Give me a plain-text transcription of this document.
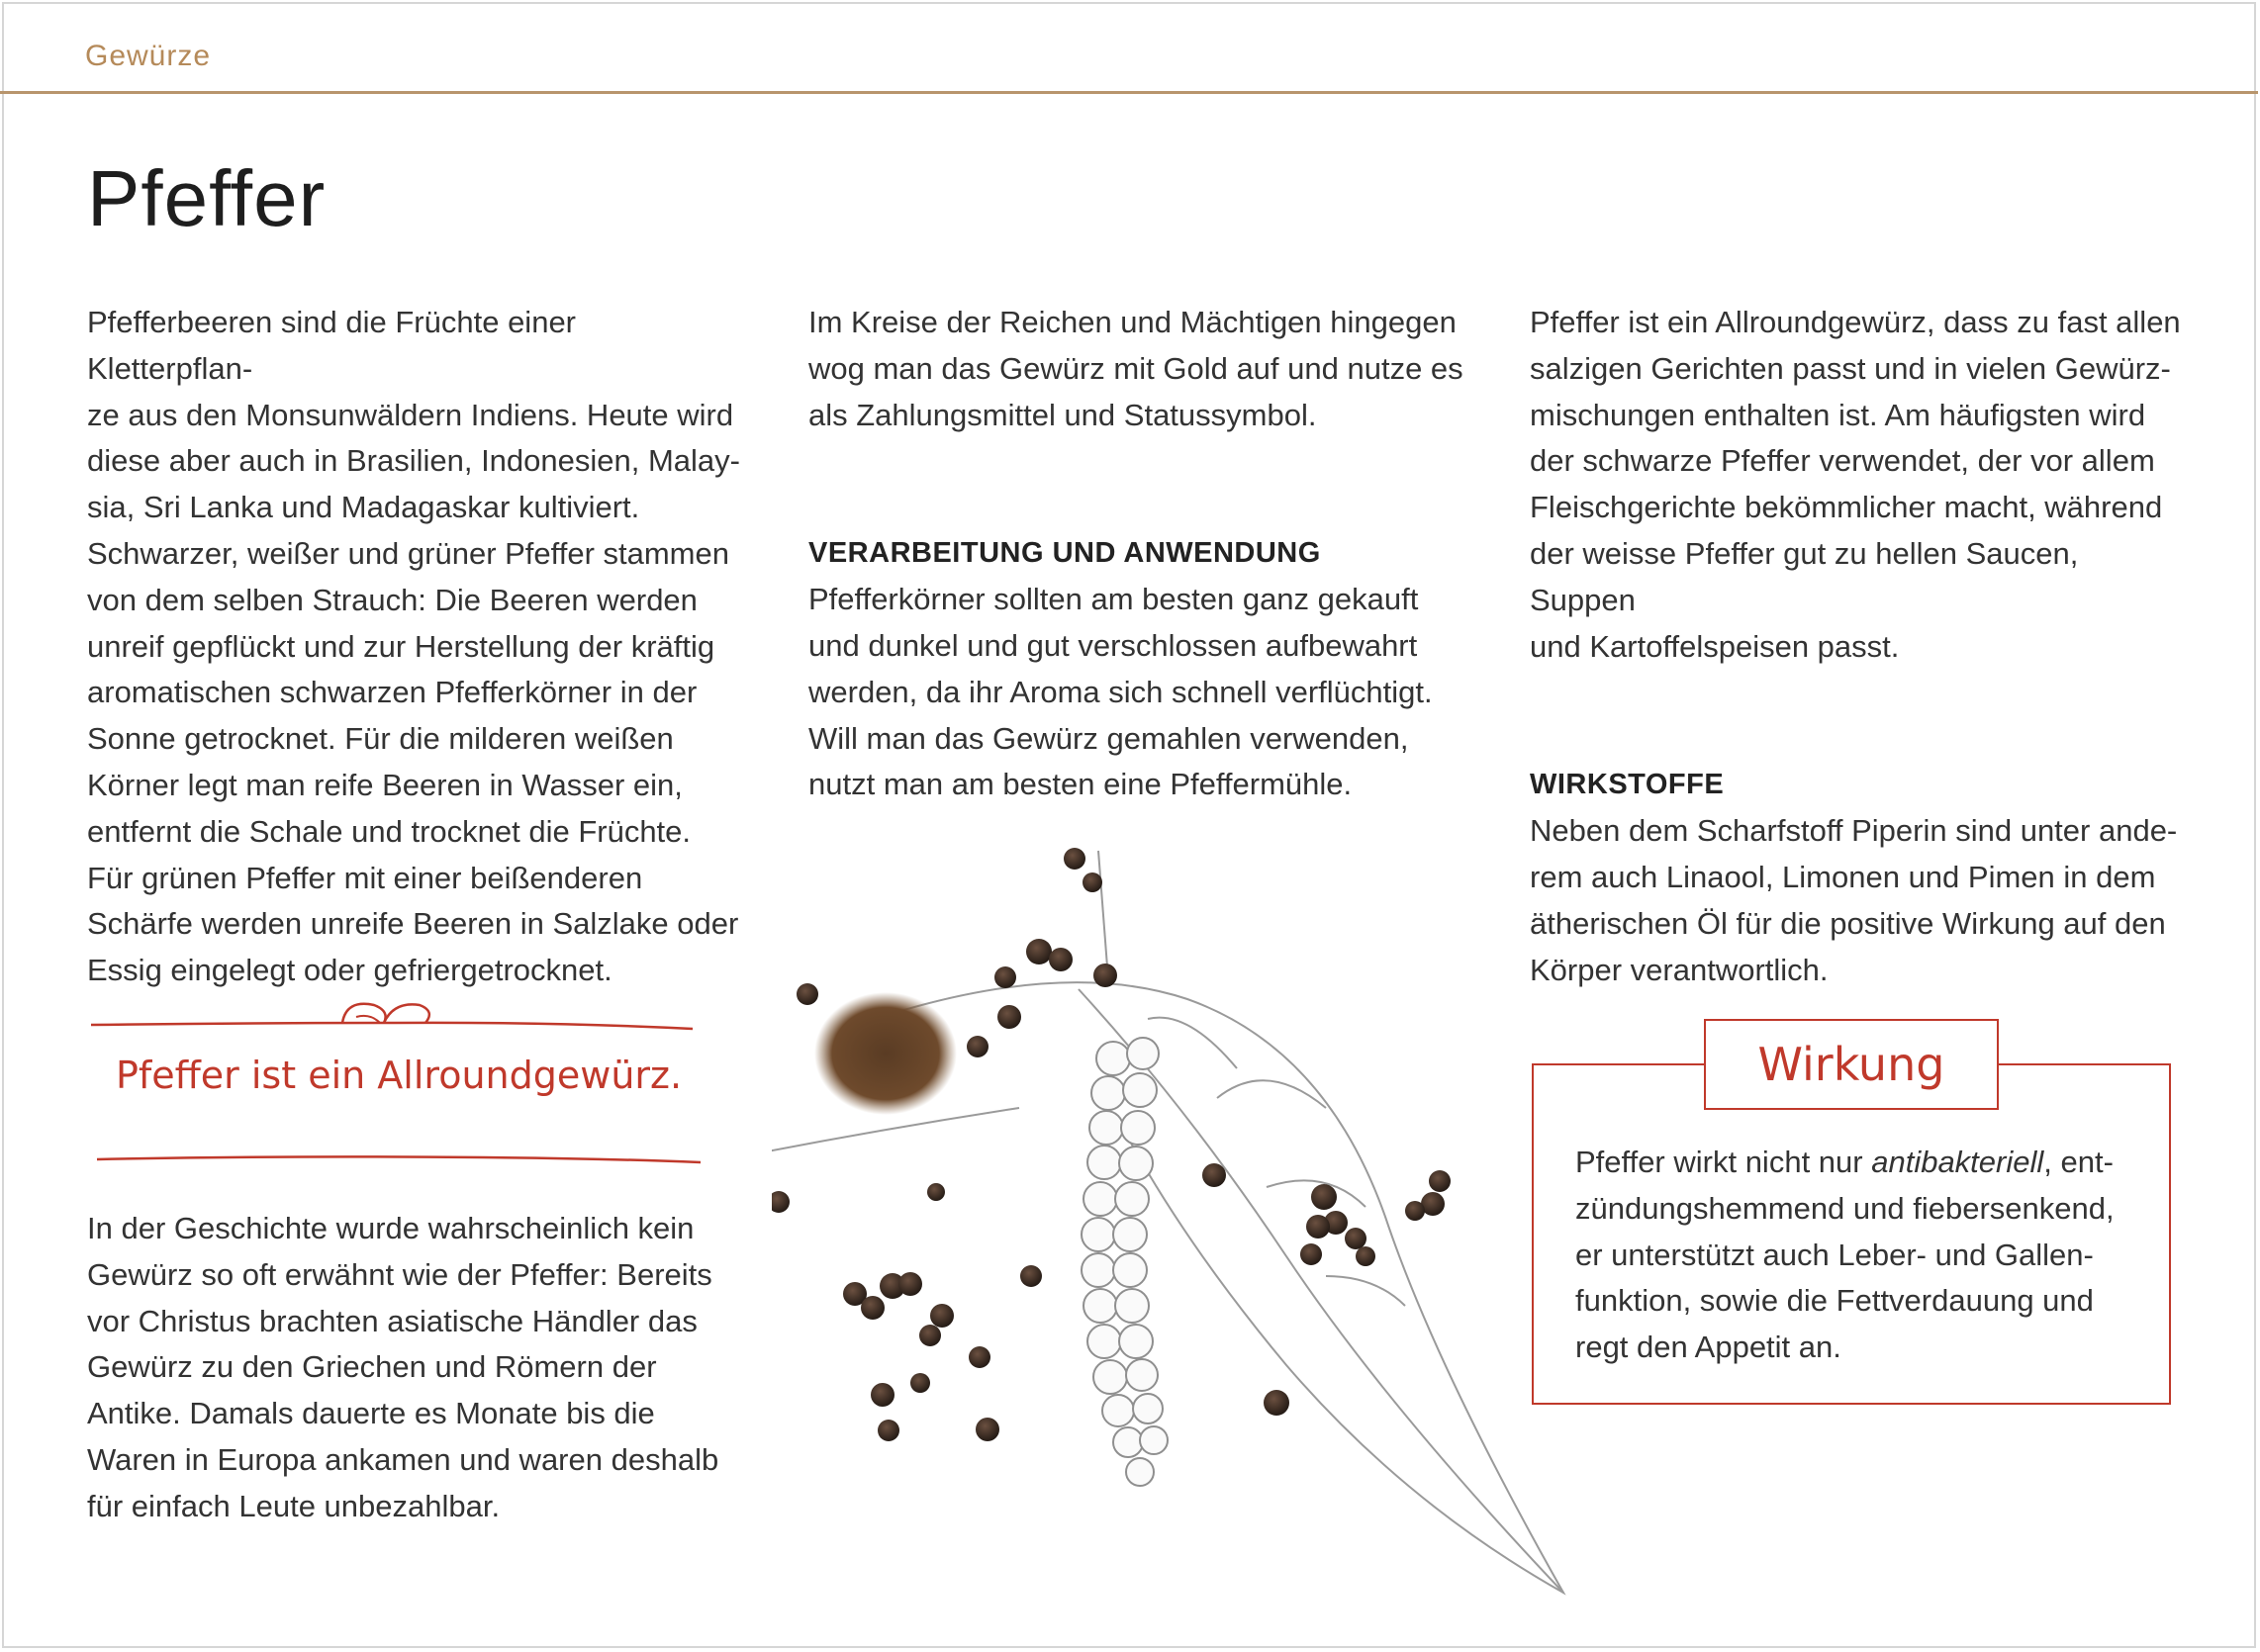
Gewürze
Pfeffer

Pfefferbeeren sind die Früchte einer Kletterpflan-
ze aus den Monsunwäldern Indiens. Heute wird
diese aber auch in Brasilien, Indonesien, Malay-
sia, Sri Lanka und Madagaskar kultiviert.
Schwarzer, weißer und grüner Pfeffer stammen
von dem selben Strauch: Die Beeren werden
unreif gepflückt und zur Herstellung der kräftig
aromatischen schwarzen Pfefferkörner in der
Sonne getrocknet. Für die milderen weißen
Körner legt man reife Beeren in Wasser ein,
entfernt die Schale und trocknet die Früchte.
Für grünen Pfeffer mit einer beißenderen
Schärfe werden unreife Beeren in Salzlake oder
Essig eingelegt oder gefriergetrocknet.

Pfeffer ist ein Allroundgewürz.

In der Geschichte wurde wahrscheinlich kein
Gewürz so oft erwähnt wie der Pfeffer: Bereits
vor Christus brachten asiatische Händler das
Gewürz zu den Griechen und Römern der
Antike. Damals dauerte es Monate bis die
Waren in Europa ankamen und waren deshalb
für einfach Leute unbezahlbar.

Im Kreise der Reichen und Mächtigen hingegen
wog man das Gewürz mit Gold auf und nutze es
als Zahlungsmittel und Statussymbol.

VERARBEITUNG UND ANWENDUNG

Pfefferkörner sollten am besten ganz gekauft
und dunkel und gut verschlossen aufbewahrt
werden, da ihr Aroma sich schnell verflüchtigt.
Will man das Gewürz gemahlen verwenden,
nutzt man am besten eine Pfeffermühle.

Pfeffer ist ein Allroundgewürz, dass zu fast allen
salzigen Gerichten passt und in vielen Gewürz-
mischungen enthalten ist. Am häufigsten wird
der schwarze Pfeffer verwendet, der vor allem
Fleischgerichte bekömmlicher macht, während
der weisse Pfeffer gut zu hellen Saucen, Suppen
und Kartoffelspeisen passt.

WIRKSTOFFE

Neben dem Scharfstoff Piperin sind unter ande-
rem auch Linaool, Limonen und Pimen in dem
ätherischen Öl für die positive Wirkung auf den
Körper verantwortlich.

Wirkung

Pfeffer wirkt nicht nur antibakteriell, ent-
zündungshemmend und fiebersenkend,
er unterstützt auch Leber- und Gallen-
funktion, sowie die Fettverdauung und
regt den Appetit an.
